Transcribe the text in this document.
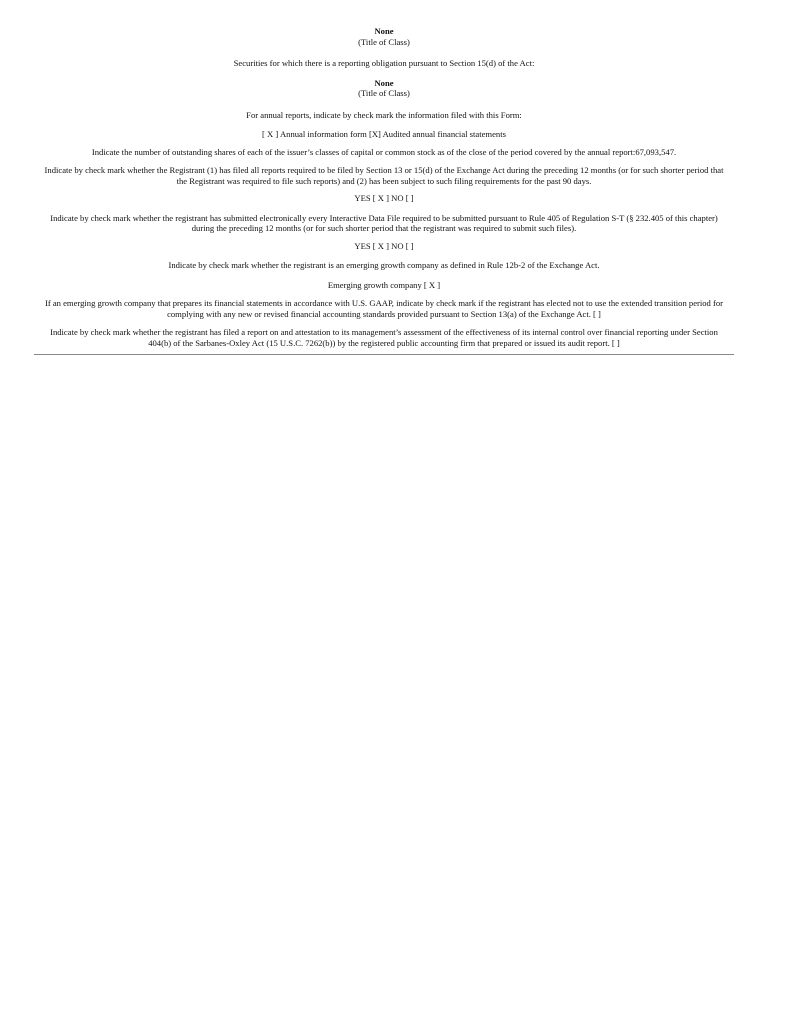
None
(Title of Class)
Securities for which there is a reporting obligation pursuant to Section 15(d) of the Act:
None
(Title of Class)
For annual reports, indicate by check mark the information filed with this Form:
[ X ] Annual information form [X] Audited annual financial statements
Indicate the number of outstanding shares of each of the issuer’s classes of capital or common stock as of the close of the period covered by the annual report:67,093,547.
Indicate by check mark whether the Registrant (1) has filed all reports required to be filed by Section 13 or 15(d) of the Exchange Act during the preceding 12 months (or for such shorter period that the Registrant was required to file such reports) and (2) has been subject to such filing requirements for the past 90 days.
YES [ X ] NO [ ]
Indicate by check mark whether the registrant has submitted electronically every Interactive Data File required to be submitted pursuant to Rule 405 of Regulation S-T (§ 232.405 of this chapter) during the preceding 12 months (or for such shorter period that the registrant was required to submit such files).
YES [ X ] NO [ ]
Indicate by check mark whether the registrant is an emerging growth company as defined in Rule 12b-2 of the Exchange Act.
Emerging growth company [ X ]
If an emerging growth company that prepares its financial statements in accordance with U.S. GAAP, indicate by check mark if the registrant has elected not to use the extended transition period for complying with any new or revised financial accounting standards provided pursuant to Section 13(a) of the Exchange Act. [ ]
Indicate by check mark whether the registrant has filed a report on and attestation to its management’s assessment of the effectiveness of its internal control over financial reporting under Section 404(b) of the Sarbanes-Oxley Act (15 U.S.C. 7262(b)) by the registered public accounting firm that prepared or issued its audit report. [ ]
